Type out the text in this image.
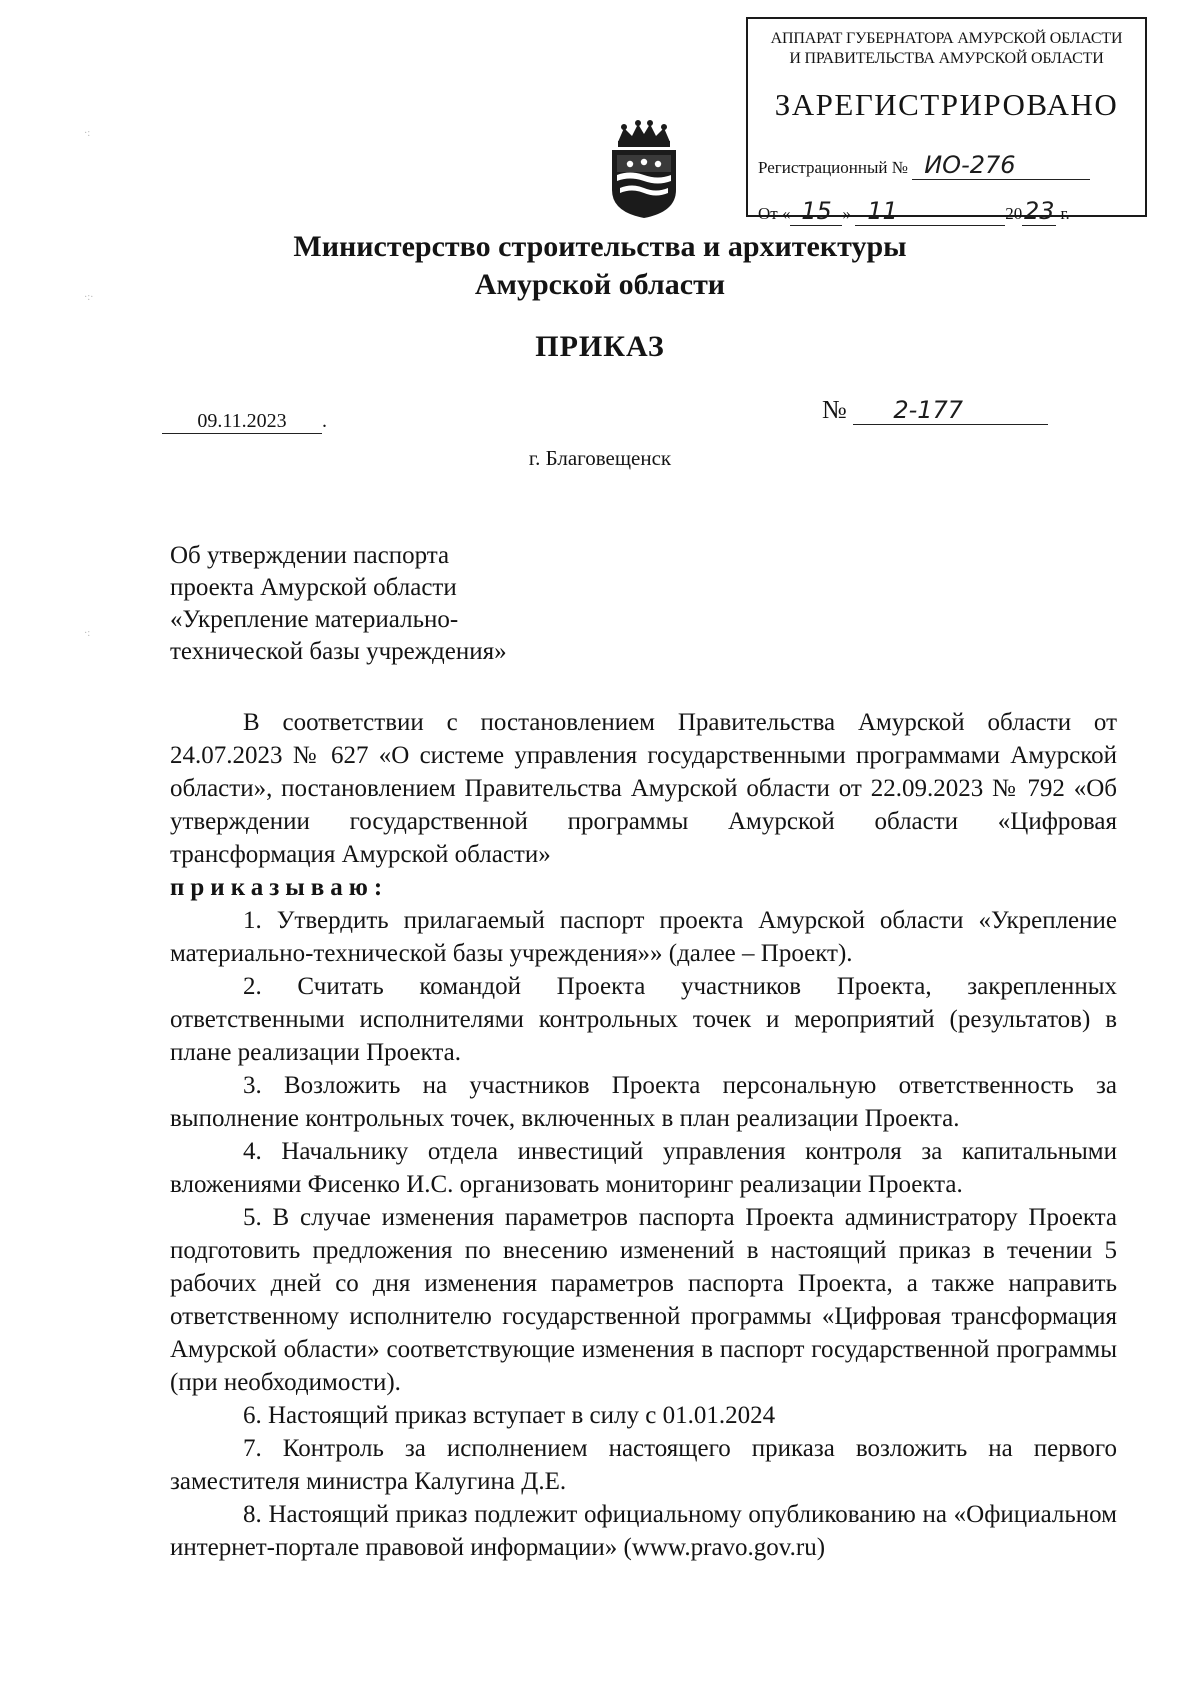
АППАРАТ ГУБЕРНАТОРА АМУРСКОЙ ОБЛАСТИ
И ПРАВИТЕЛЬСТВА АМУРСКОЙ ОБЛАСТИ
ЗАРЕГИСТРИРОВАНО
Регистрационный № ИО-276
От « 15 » 11	2023 г.
Министерство строительства и архитектуры
Амурской области
ПРИКАЗ
09.11.2023 .	№ 2-177
г. Благовещенск
Об утверждении паспорта
проекта Амурской области
«Укрепление материально-
технической базы учреждения»

В соответствии с постановлением Правительства Амурской области от 24.07.2023 № 627 «О системе управления государственными программами Амурской области», постановлением Правительства Амурской области от 22.09.2023 № 792 «Об утверждении государственной программы Амурской области «Цифровая трансформация Амурской области»

приказываю:

1. Утвердить прилагаемый паспорт проекта Амурской области «Укрепление материально-технической базы учреждения»» (далее – Проект).

2. Считать командой Проекта участников Проекта, закрепленных ответственными исполнителями контрольных точек и мероприятий (результатов) в плане реализации Проекта.

3. Возложить на участников Проекта персональную ответственность за выполнение контрольных точек, включенных в план реализации Проекта.

4. Начальнику отдела инвестиций управления контроля за капитальными вложениями Фисенко И.С. организовать мониторинг реализации Проекта.

5. В случае изменения параметров паспорта Проекта администратору Проекта подготовить предложения по внесению изменений в настоящий приказ в течении 5 рабочих дней со дня изменения параметров паспорта Проекта, а также направить ответственному исполнителю государственной программы «Цифровая трансформация Амурской области» соответствующие изменения в паспорт государственной программы (при необходимости).

6. Настоящий приказ вступает в силу с 01.01.2024

7. Контроль за исполнением настоящего приказа возложить на первого заместителя министра Калугина Д.Е.

8. Настоящий приказ подлежит официальному опубликованию на «Официальном интернет-портале правовой информации» (www.pravo.gov.ru)

·:
·:·
·:
